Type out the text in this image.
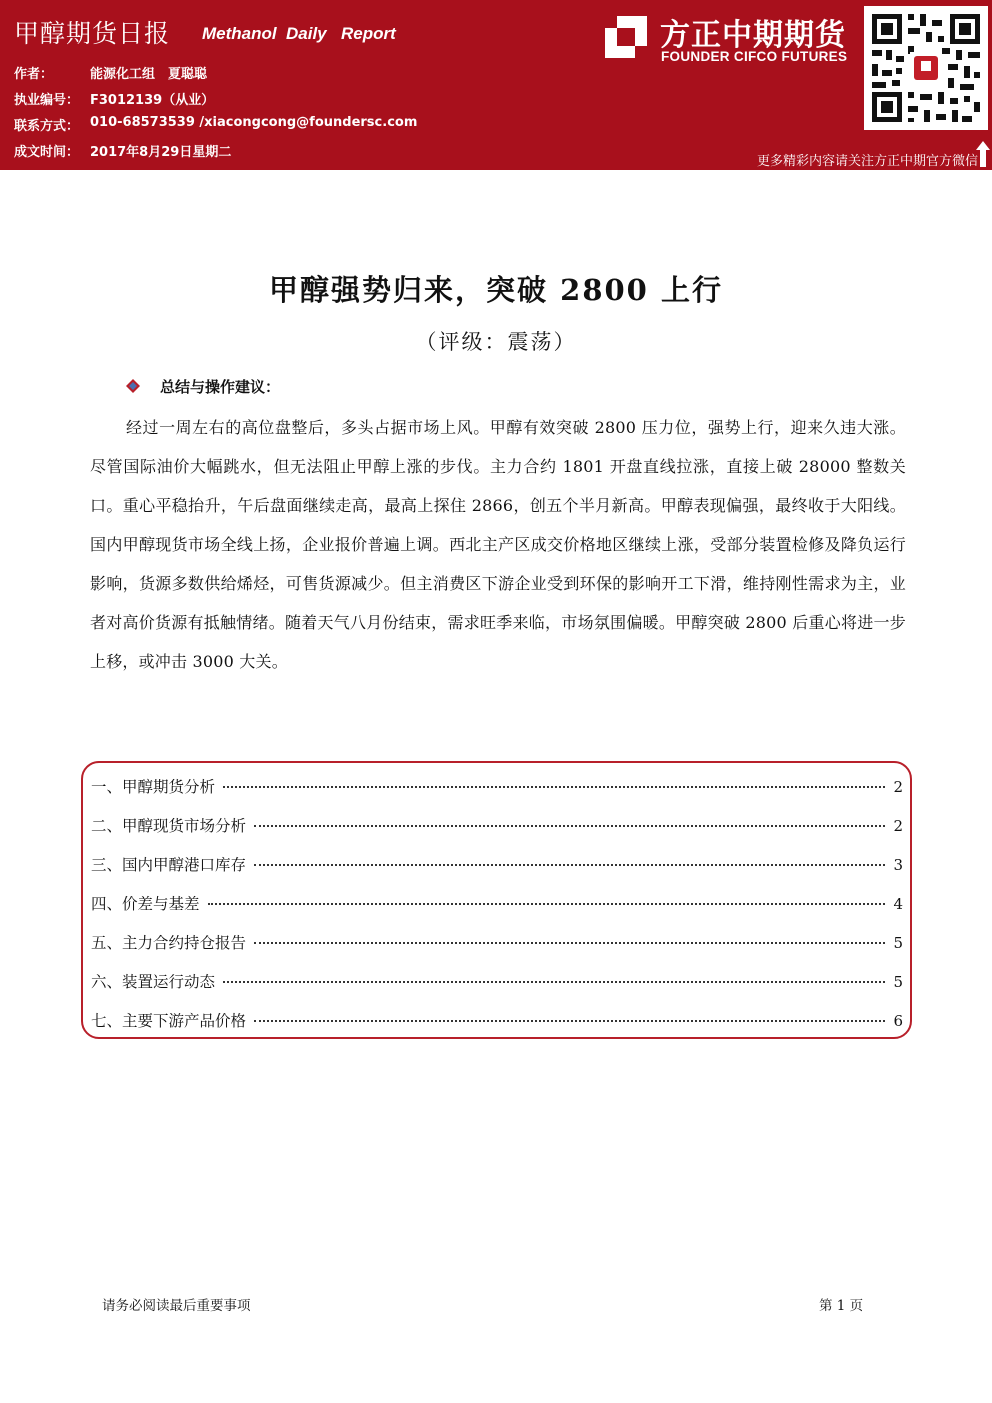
甲醇期货日报 Methanol Daily Report
作者：	能源化工组　夏聪聪
执业编号： F3012139（从业）
联系方式： 010-68573539 /xiacongcong@foundersc.com
成文时间： 2017年8月29日星期二
方正中期期货
FOUNDER CIFCO FUTURES
更多精彩内容请关注方正中期官方微信
甲醇强势归来，突破 2800 上行
（评级：震荡）
总结与操作建议：

经过一周左右的高位盘整后，多头占据市场上风。甲醇有效突破 2800 压力位，强势上行，迎来久违大涨。尽管国际油价大幅跳水，但无法阻止甲醇上涨的步伐。主力合约 1801 开盘直线拉涨，直接上破 28000 整数关口。重心平稳抬升，午后盘面继续走高，最高上探住 2866，创五个半月新高。甲醇表现偏强，最终收于大阳线。国内甲醇现货市场全线上扬，企业报价普遍上调。西北主产区成交价格地区继续上涨，受部分装置检修及降负运行影响，货源多数供给烯烃，可售货源减少。但主消费区下游企业受到环保的影响开工下滑，维持刚性需求为主，业者对高价货源有抵触情绪。随着天气八月份结束，需求旺季来临，市场氛围偏暖。甲醇突破 2800 后重心将进一步上移，或冲击 3000 大关。

一、甲醇期货分析	2
二、甲醇现货市场分析	2
三、国内甲醇港口库存	3
四、价差与基差	4
五、主力合约持仓报告	5
六、装置运行动态	5
七、主要下游产品价格	6
请务必阅读最后重要事项	第 1 页
